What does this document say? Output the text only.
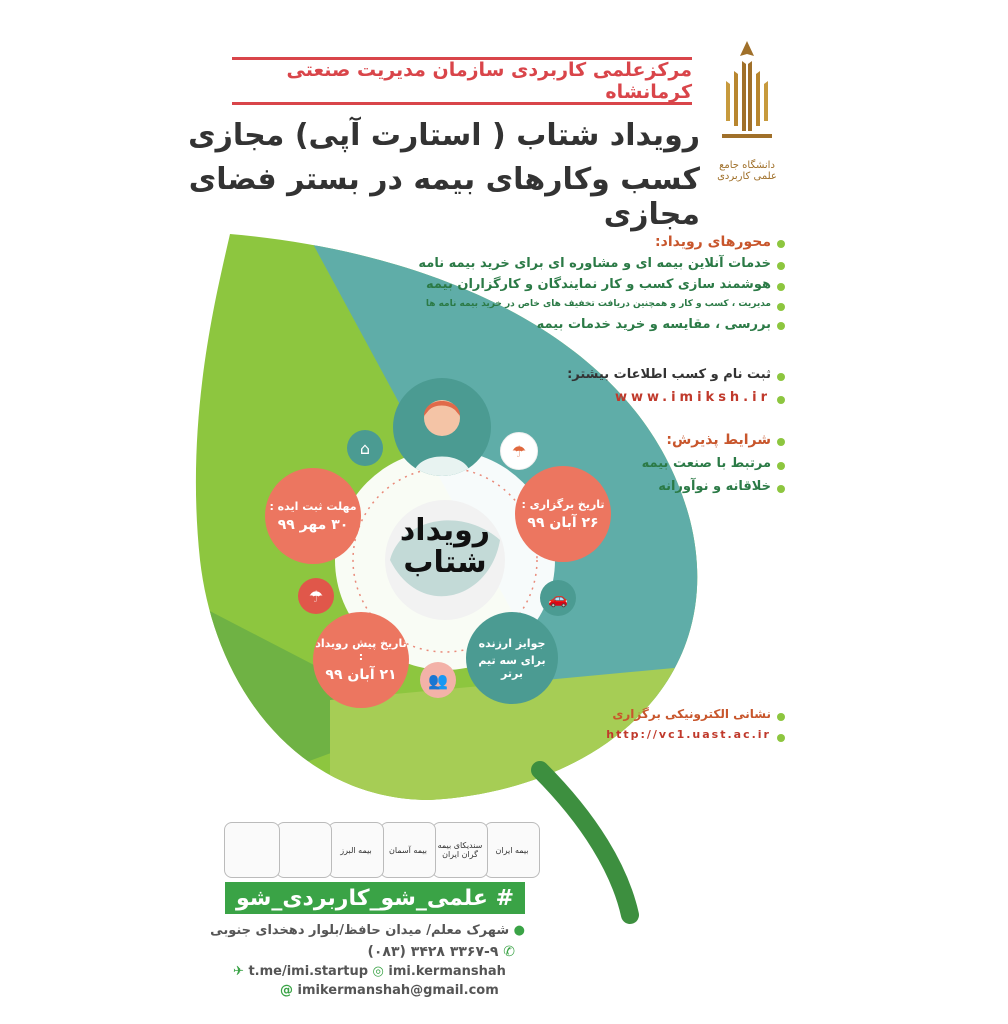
مرکزعلمی کاربردی سازمان مدیریت صنعتی کرمانشاه
دانشگاه جامع علمی کاربردی
رویداد شتاب ( استارت آپی) مجازی
کسب وکارهای بیمه در بستر فضای مجازی
رویداد
شتاب
تاریخ برگزاری :
۲۶ آبان ۹۹
مهلت ثبت ایده :
۳۰ مهر ۹۹
تاریخ پیش رویداد :
۲۱ آبان ۹۹
جوایز ارزنده
برای سه تیم برتر
⌂	☂
🚗
☂
👥
محورهای رویداد:
خدمات آنلاین بیمه ای و مشاوره ای برای خرید بیمه نامه
هوشمند سازی کسب و کار نمایندگان و کارگزاران بیمه
مدیریت ، کسب و کار و همچنین دریافت تخفیف های خاص در خرید بیمه نامه ها
بررسی ، مقایسه و خرید خدمات بیمه
ثبت نام و کسب اطلاعات بیشتر:
www.imiksh.ir
شرایط پذیرش:
مرتبط با صنعت بیمه
خلاقانه و نوآورانه
نشانی الکترونیکی برگزاری
http://vc1.uast.ac.ir
بیمه ایران
سندیکای بیمه گران ایران
بیمه آسمان
بیمه البرز
# علمی_شو_کاربردی_شو
● شهرک معلم/ میدان حافظ/بلوار دهخدای جنوبی
(۰۸۳) ۳۴۲۸ ۳۳۶۷-۹ ✆
✈ t.me/imi.startup ◎ imi.kermanshah
@ imikermanshah@gmail.com
